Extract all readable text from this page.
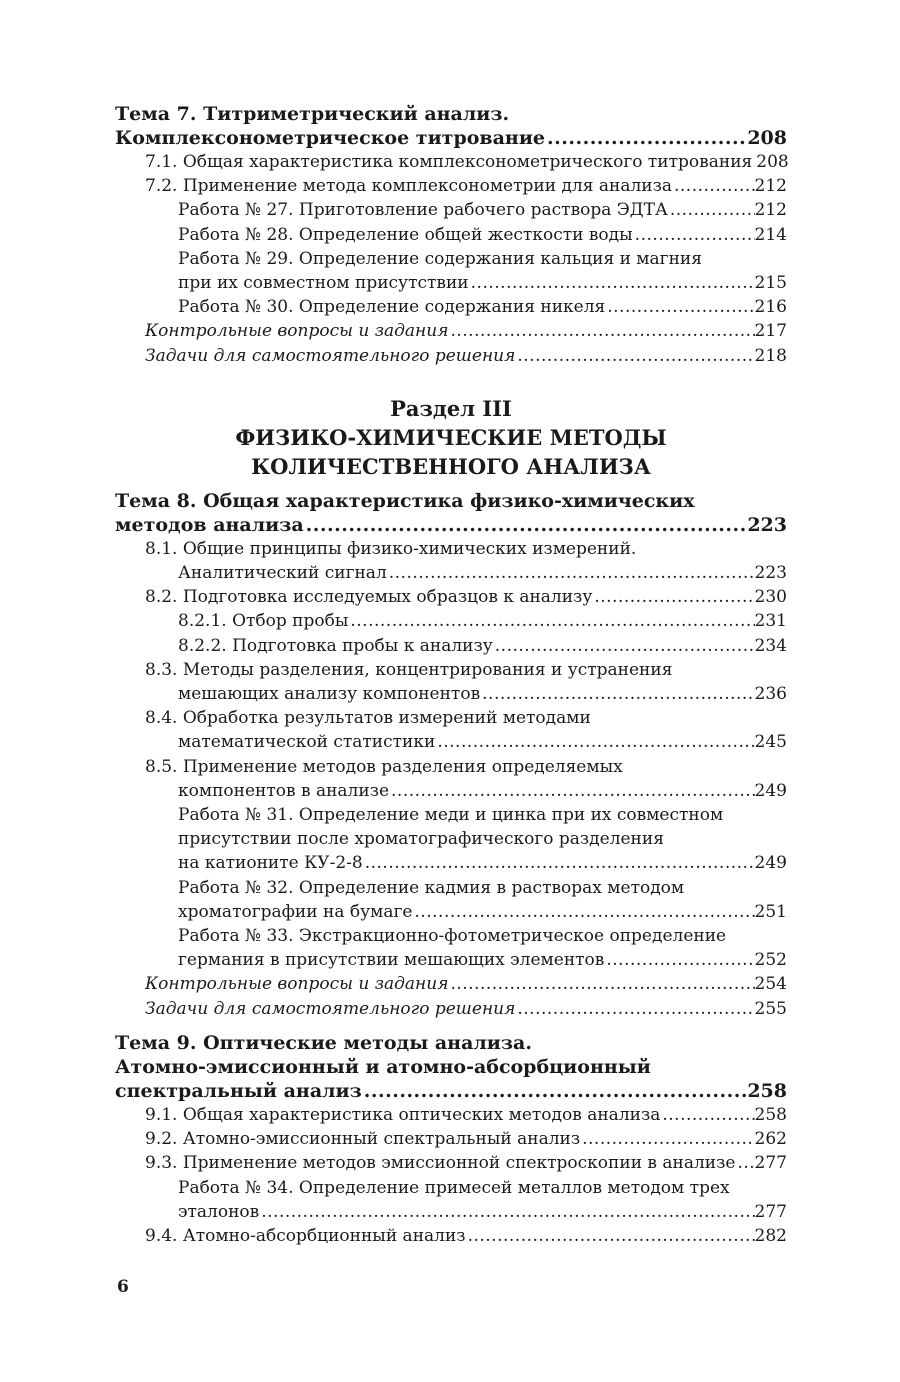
Тема 7. Титриметрический анализ.
Комплексонометрическое титрование .....	208
7.1. Общая характеристика комплексонометрического титрования ..... 208
7.2. Применение метода комплексонометрии для анализа .....	212
Работа № 27. Приготовление рабочего раствора ЭДТА .....	212
Работа № 28. Определение общей жесткости воды .....	214
Работа № 29. Определение содержания кальция и магния
при их совместном присутствии .....	215
Работа № 30. Определение содержания никеля .....	216
Контрольные вопросы и задания .....	217
Задачи для самостоятельного решения .....	218
Раздел III
ФИЗИКО-ХИМИЧЕСКИЕ МЕТОДЫ
КОЛИЧЕСТВЕННОГО АНАЛИЗА
Тема 8. Общая характеристика физико-химических
методов анализа .....	223
8.1. Общие принципы физико-химических измерений.
Аналитический сигнал .....	223
8.2. Подготовка исследуемых образцов к анализу .....	230
8.2.1. Отбор пробы .....	231
8.2.2. Подготовка пробы к анализу .....	234
8.3. Методы разделения, концентрирования и устранения
мешающих анализу компонентов .....	236
8.4. Обработка результатов измерений методами
математической статистики .....	245
8.5. Применение методов разделения определяемых
компонентов в анализе .....	249
Работа № 31. Определение меди и цинка при их совместном
присутствии после хроматографического разделения
на катионите КУ-2-8 .....	249
Работа № 32. Определение кадмия в растворах методом
хроматографии на бумаге .....	251
Работа № 33. Экстракционно-фотометрическое определение
германия в присутствии мешающих элементов .....	252
Контрольные вопросы и задания .....	254
Задачи для самостоятельного решения .....	255
Тема 9. Оптические методы анализа.
Атомно-эмиссионный и атомно-абсорбционный
спектральный анализ .....	258
9.1. Общая характеристика оптических методов анализа .....	258
9.2. Атомно-эмиссионный спектральный анализ .....	262
9.3. Применение методов эмиссионной спектроскопии в анализе ..... 277
Работа № 34. Определение примесей металлов методом трех
эталонов .....	277
9.4. Атомно-абсорбционный анализ .....	282
6
